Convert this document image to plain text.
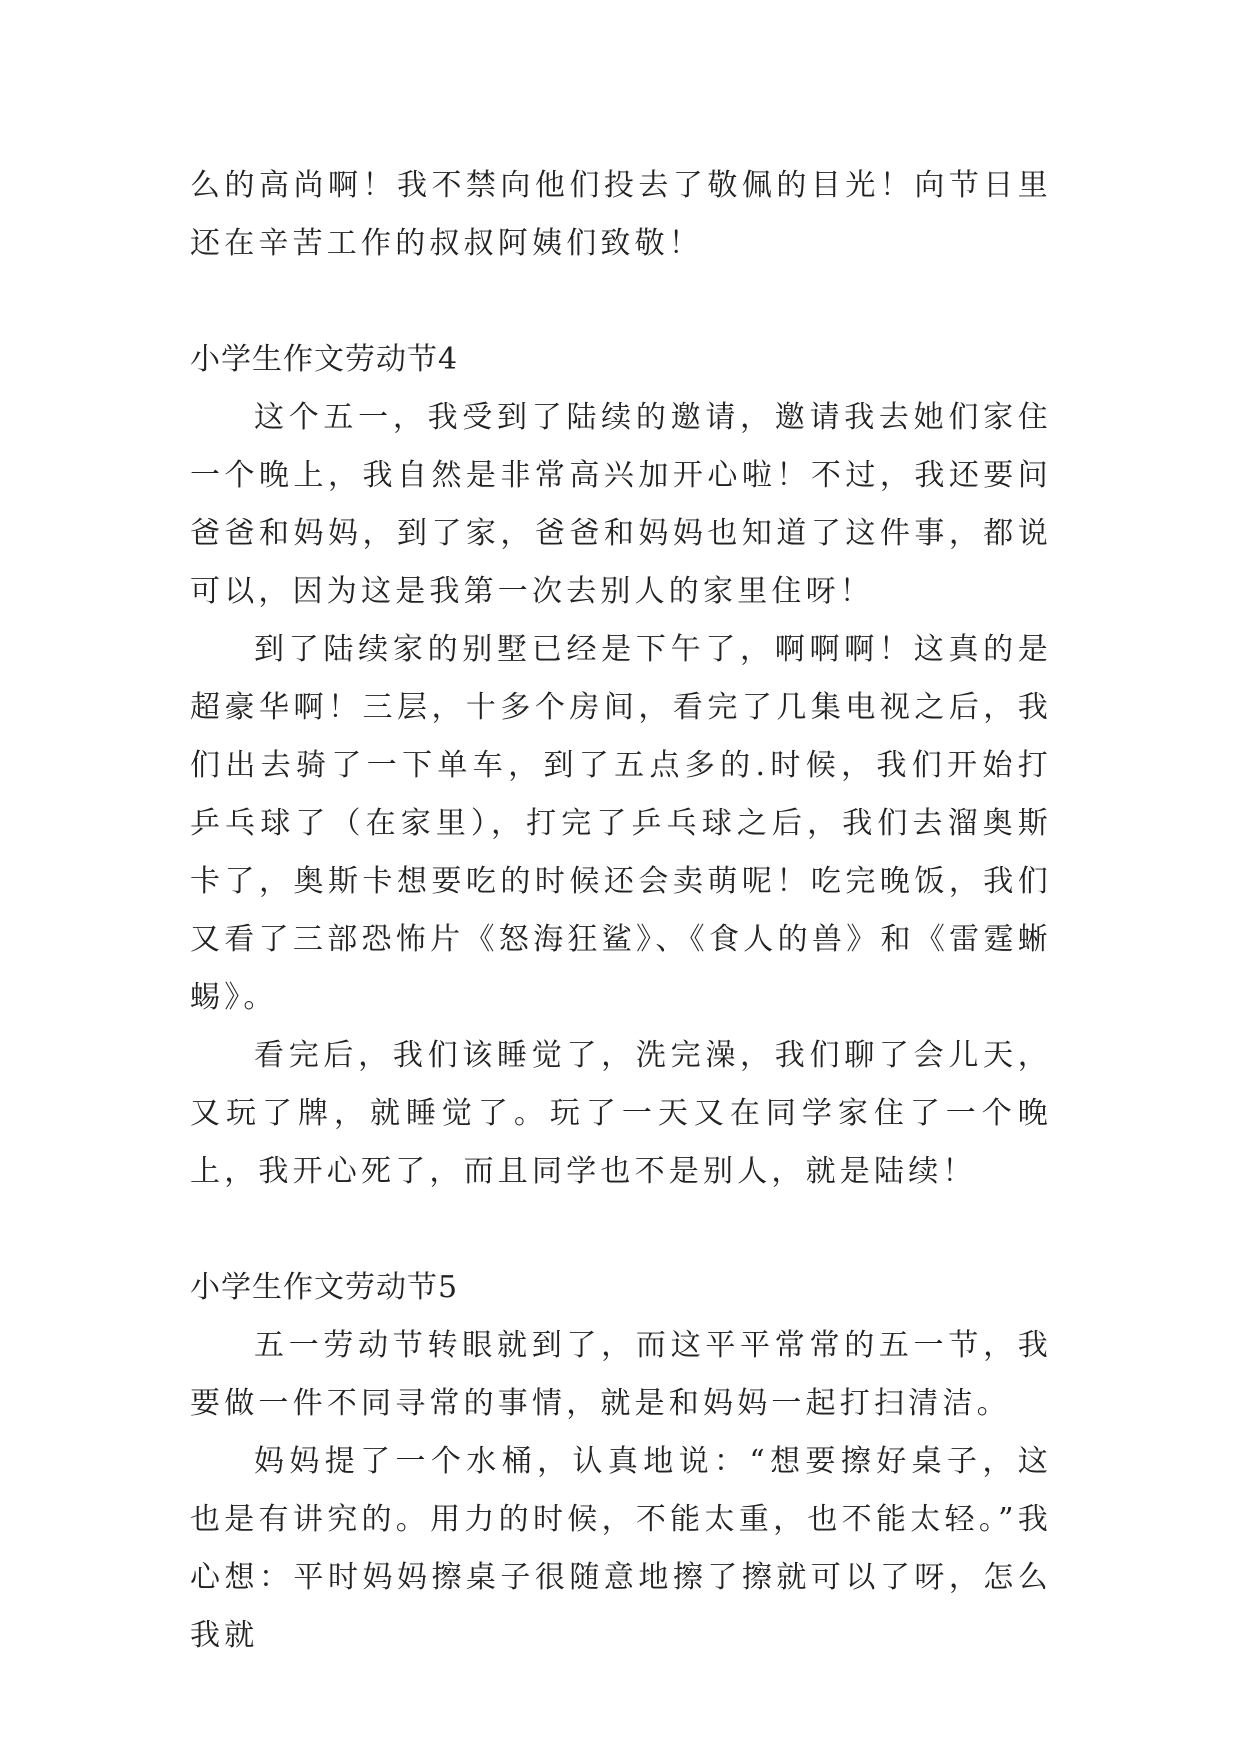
么的高尚啊！我不禁向他们投去了敬佩的目光！向节日里还在辛苦工作的叔叔阿姨们致敬！

小学生作文劳动节4

这个五一，我受到了陆续的邀请，邀请我去她们家住一个晚上，我自然是非常高兴加开心啦！不过，我还要问爸爸和妈妈，到了家，爸爸和妈妈也知道了这件事，都说可以，因为这是我第一次去别人的家里住呀！

到了陆续家的别墅已经是下午了，啊啊啊！这真的是超豪华啊！三层，十多个房间，看完了几集电视之后，我们出去骑了一下单车，到了五点多的.时候，我们开始打乒乓球了（在家里），打完了乒乓球之后，我们去溜奥斯卡了，奥斯卡想要吃的时候还会卖萌呢！吃完晚饭，我们又看了三部恐怖片《怒海狂鲨》、《食人的兽》和《雷霆蜥蜴》。

看完后，我们该睡觉了，洗完澡，我们聊了会儿天，又玩了牌，就睡觉了。玩了一天又在同学家住了一个晚上，我开心死了，而且同学也不是别人，就是陆续！

小学生作文劳动节5

五一劳动节转眼就到了，而这平平常常的五一节，我要做一件不同寻常的事情，就是和妈妈一起打扫清洁。

妈妈提了一个水桶，认真地说：“想要擦好桌子，这也是有讲究的。用力的时候，不能太重，也不能太轻。”我心想：平时妈妈擦桌子很随意地擦了擦就可以了呀，怎么我就
